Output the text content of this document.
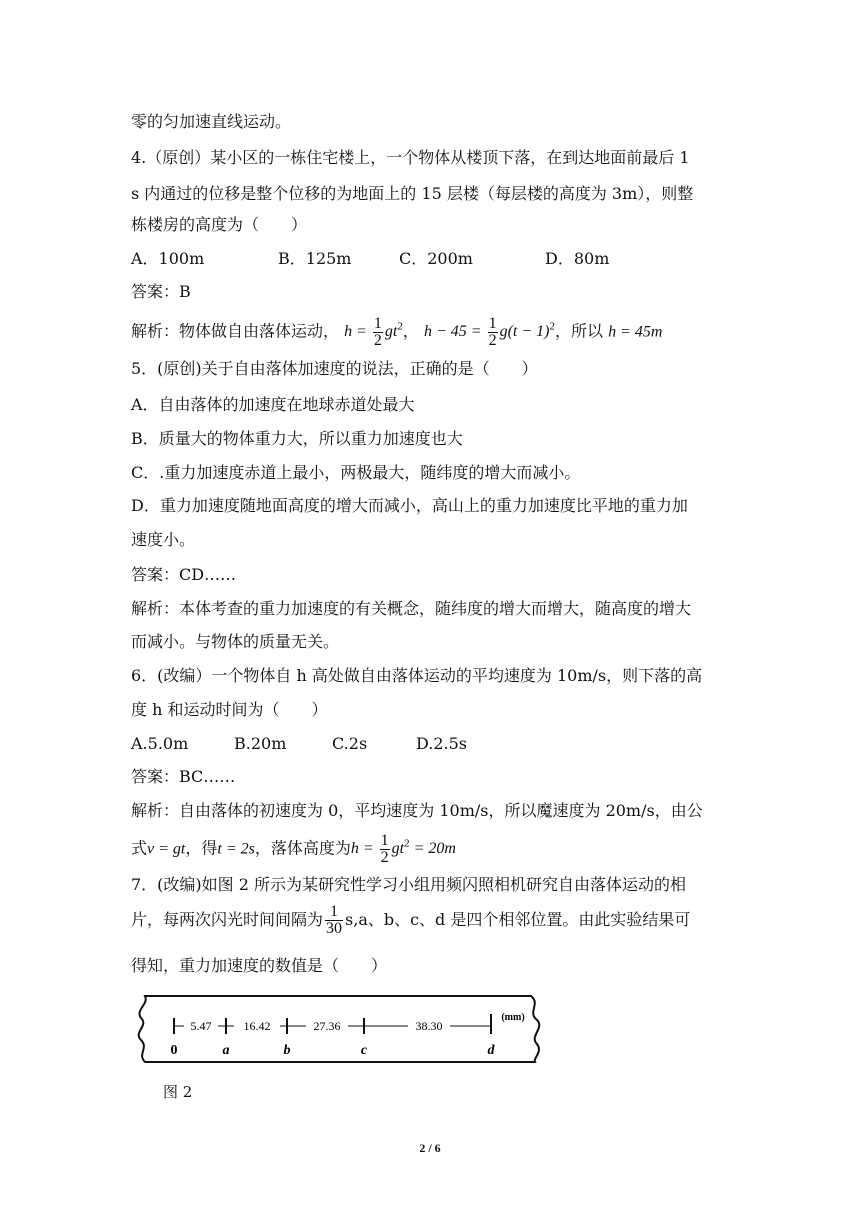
零的匀加速直线运动。
4.（原创）某小区的一栋住宅楼上，一个物体从楼顶下落，在到达地面前最后 1
s 内通过的位移是整个位移的为地面上的 15 层楼（每层楼的高度为 3m），则整
栋楼房的高度为（　　）
A．100m	B．125m	C．200m	D．80m
答案：B
解析：物体做自由落体运动， $h = \frac{1}{2} gt^2$， $h - 45 = \frac{1}{2} g(t - 1)^2$，所以 h = 45m
5．(原创)关于自由落体加速度的说法，正确的是（　　）
A．自由落体的加速度在地球赤道处最大
B．质量大的物体重力大，所以重力加速度也大
C．.重力加速度赤道上最小，两极最大，随纬度的增大而减小。
D．重力加速度随地面高度的增大而减小，高山上的重力加速度比平地的重力加
速度小。
答案：CD……
解析：本体考查的重力加速度的有关概念，随纬度的增大而增大，随高度的增大
而减小。与物体的质量无关。
6．(改编）一个物体自 h 高处做自由落体运动的平均速度为 10m/s，则下落的高
度 h 和运动时间为（　　）
A.5.0m	B.20m	C.2s	D.2.5s
答案：BC……
解析：自由落体的初速度为 0，平均速度为 10m/s，所以魔速度为 20m/s，由公
式v = gt，得t = 2s，落体高度为$h = \frac{1}{2} gt^2 = 20m$
7．(改编)如图 2 所示为某研究性学习小组用频闪照相机研究自由落体运动的相
片，每两次闪光时间间隔为 $\frac{1}{30} s,a$、b、c、d 是四个相邻位置。由此实验结果可
得知，重力加速度的数值是（　　）
5.47	16.42	27.36	38.30
(mm)
0	a	b	c	d
图 2
2 / 6
